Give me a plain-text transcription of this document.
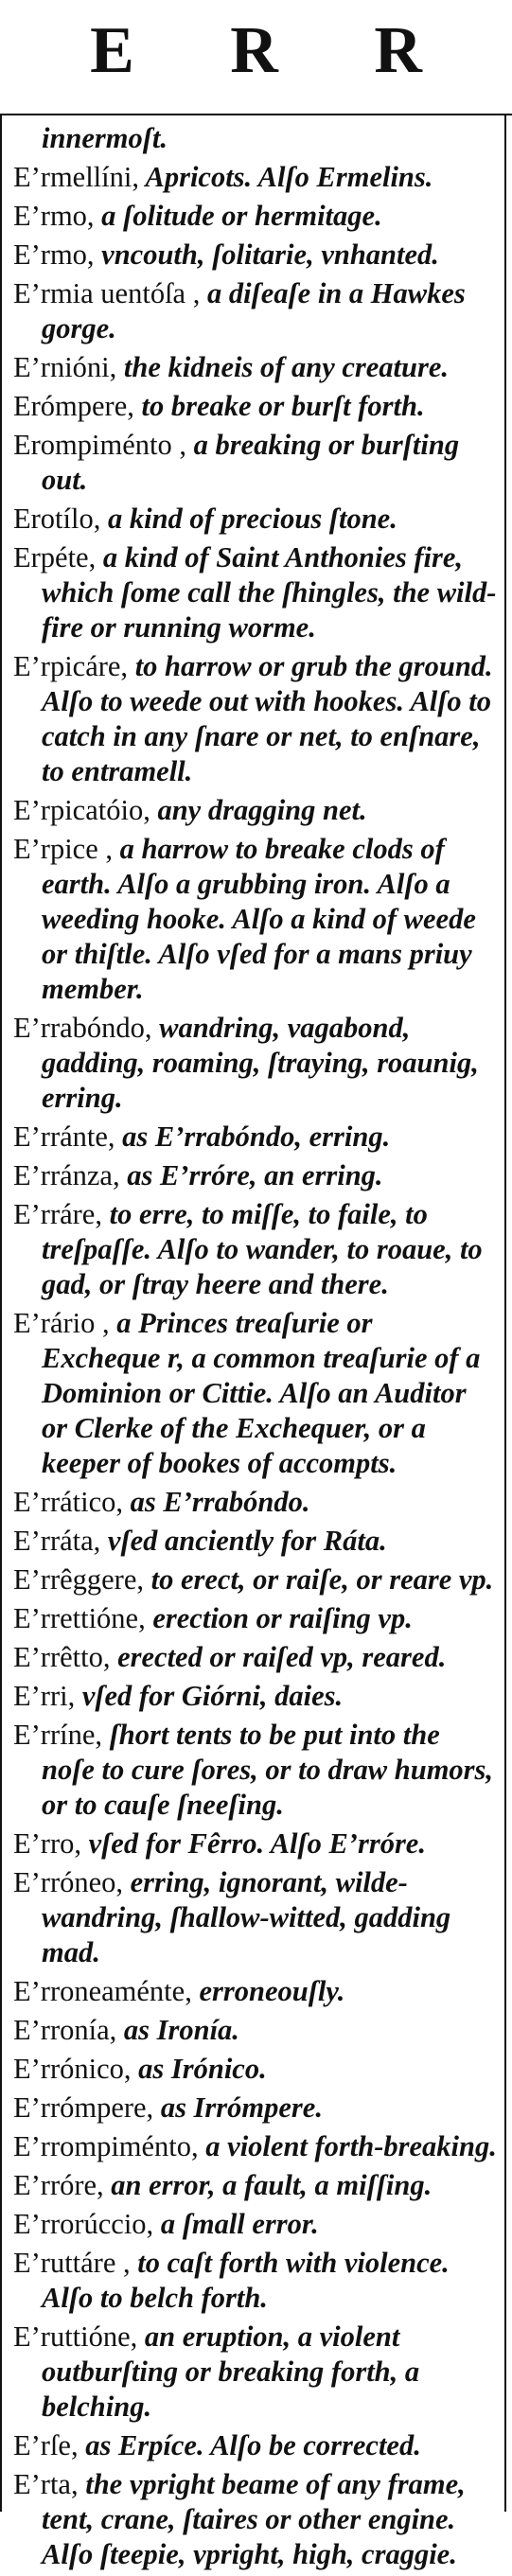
E R R

innermoſt.

E’rmellíni, Apricots. Alſo Ermelins.

E’rmo, a ſolitude or hermitage.

E’rmo, vncouth, ſolitarie, vnhanted.

E’rmia uentóſa , a diſeaſe in a Hawkes gorge.

E’rnióni, the kidneis of any creature.

Erómpere, to breake or burſt forth.

Erompiménto , a breaking or burſting out.

Erotílo, a kind of precious ſtone.

Erpéte, a kind of Saint Anthonies fire, which ſome call the ſhingles, the wild-fire or running worme.

E’rpicáre, to harrow or grub the ground. Alſo to weede out with hookes. Alſo to catch in any ſnare or net, to enſnare, to entramell.

E’rpicatóio, any dragging net.

E’rpice , a harrow to breake clods of earth. Alſo a grubbing iron. Alſo a weeding hooke. Alſo a kind of weede or thiſtle. Alſo vſed for a mans priuy member.

E’rrabóndo, wandring, vagabond, gadding, roaming, ſtraying, roaunig, erring.

E’rránte, as E’rrabóndo, erring.

E’rránza, as E’rróre, an erring.

E’rráre, to erre, to miſſe, to faile, to treſpaſſe. Alſo to wander, to roaue, to gad, or ſtray heere and there.

E’rário , a Princes treaſurie or Excheque r, a common treaſurie of a Dominion or Cittie. Alſo an Auditor or Clerke of the Exchequer, or a keeper of bookes of accompts.

E’rrático, as E’rrabóndo.

E’rráta, vſed anciently for Ráta.

E’rrêggere, to erect, or raiſe, or reare vp.

E’rrettióne, erection or raiſing vp.

E’rrêtto, erected or raiſed vp, reared.

E’rri, vſed for Giórni, daies.

E’rríne, ſhort tents to be put into the noſe to cure ſores, or to draw humors, or to cauſe ſneeſing.

E’rro, vſed for Fêrro. Alſo E’rróre.

E’rróneo, erring, ignorant, wilde-wandring, ſhallow-witted, gadding mad.

E’rroneaménte, erroneouſly.

E’rronía, as Ironía.

E’rrónico, as Irónico.

E’rrómpere, as Irrómpere.

E’rrompiménto, a violent forth-breaking.

E’rróre, an error, a fault, a miſſing.

E’rrorúccio, a ſmall error.

E’ruttáre , to caſt forth with violence. Alſo to belch forth.

E’ruttióne, an eruption, a violent outburſting or breaking forth, a belching.

E’rſe, as Erpíce. Alſo be corrected.

E’rta, the vpright beame of any frame, tent, crane, ſtaires or other engine. Alſo ſteepie, vpright, high, craggie.
